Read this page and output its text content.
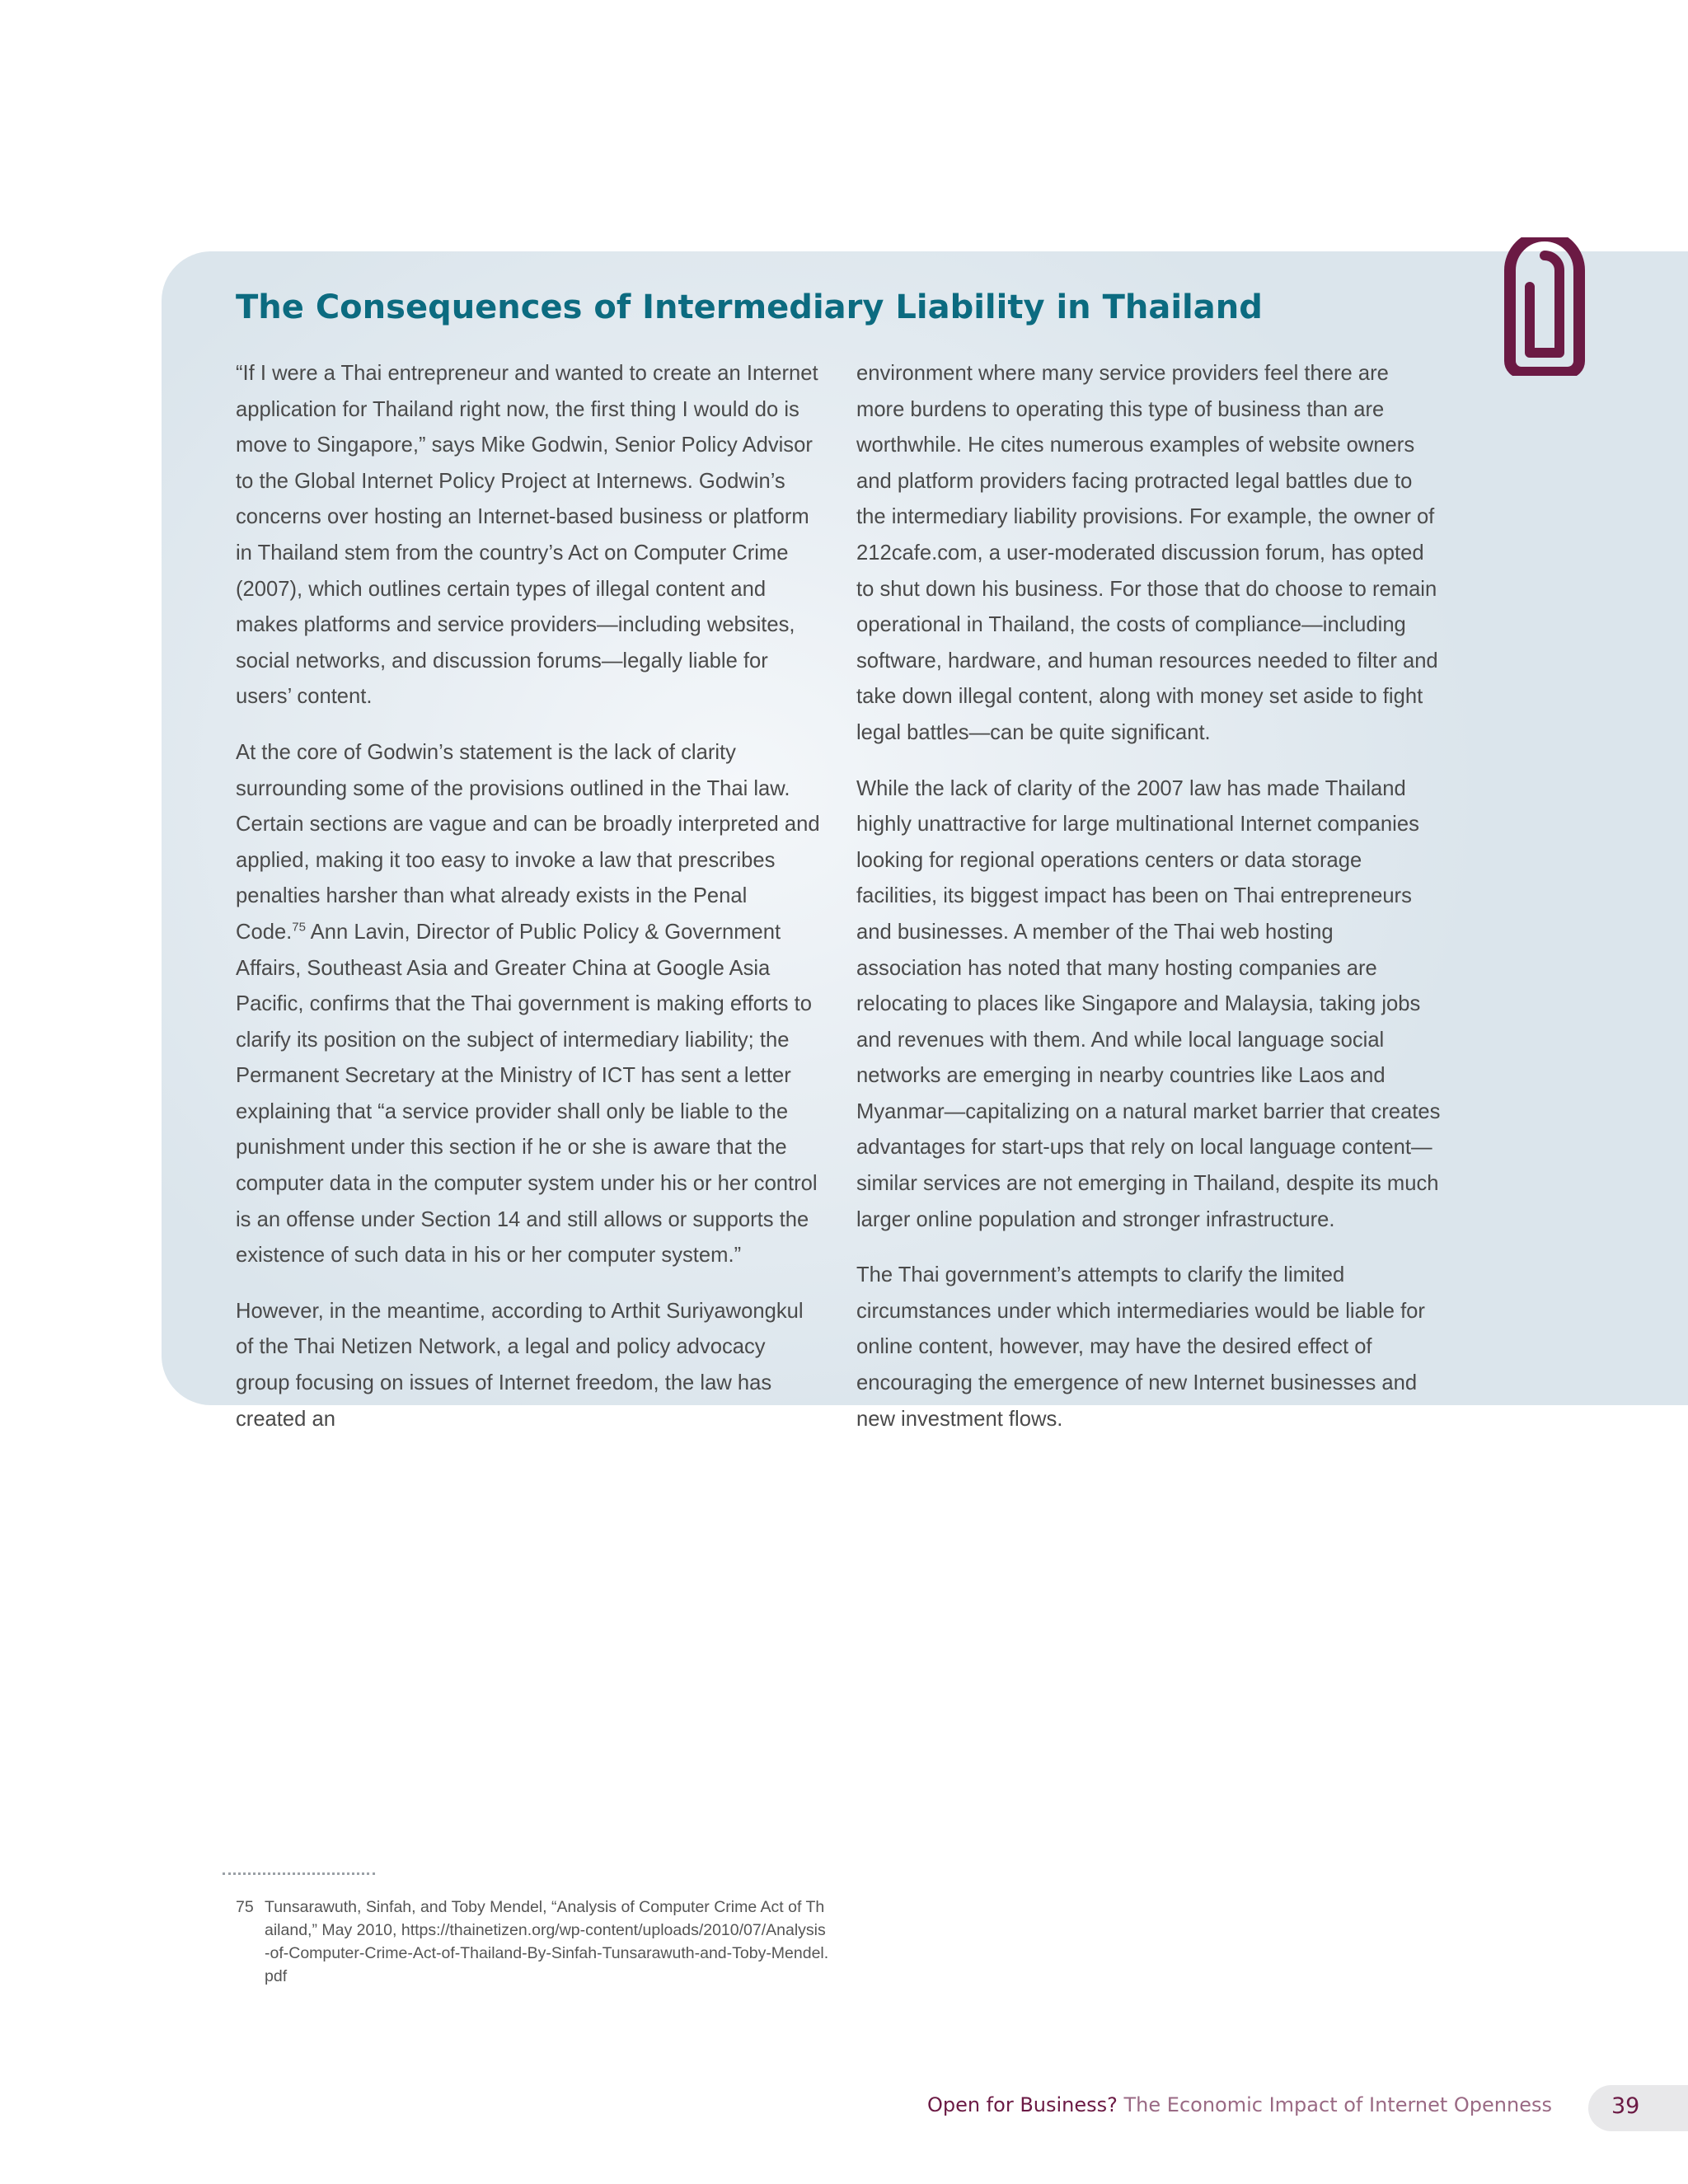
The Consequences of Intermediary Liability in Thailand

“If I were a Thai entrepreneur and wanted to create an Internet application for Thailand right now, the first thing I would do is move to Singapore,” says Mike Godwin, Senior Policy Advisor to the Global Internet Policy Project at Internews. Godwin’s concerns over hosting an Internet-based business or platform in Thailand stem from the country’s Act on Computer Crime (2007), which outlines certain types of illegal content and makes platforms and service providers—including websites, social networks, and discussion forums—legally liable for users’ content.

At the core of Godwin’s statement is the lack of clarity surrounding some of the provisions outlined in the Thai law. Certain sections are vague and can be broadly interpreted and applied, making it too easy to invoke a law that prescribes penalties harsher than what already exists in the Penal Code.$^{75}$ Ann Lavin, Director of Public Policy & Government Affairs, Southeast Asia and Greater China at Google Asia Pacific, confirms that the Thai government is making efforts to clarify its position on the subject of intermediary liability; the Permanent Secretary at the Ministry of ICT has sent a letter explaining that “a service provider shall only be liable to the punishment under this section if he or she is aware that the computer data in the computer system under his or her control is an offense under Section 14 and still allows or supports the existence of such data in his or her computer system.”

However, in the meantime, according to Arthit Suriyawongkul of the Thai Netizen Network, a legal and policy advocacy group focusing on issues of Internet freedom, the law has created an

environment where many service providers feel there are more burdens to operating this type of business than are worthwhile. He cites numerous examples of website owners and platform providers facing protracted legal battles due to the intermediary liability provisions. For example, the owner of 212cafe.com, a user-moderated discussion forum, has opted to shut down his business. For those that do choose to remain operational in Thailand, the costs of compliance—including software, hardware, and human resources needed to filter and take down illegal content, along with money set aside to fight legal battles—can be quite significant.

While the lack of clarity of the 2007 law has made Thailand highly unattractive for large multinational Internet companies looking for regional operations centers or data storage facilities, its biggest impact has been on Thai entrepreneurs and businesses. A member of the Thai web hosting association has noted that many hosting companies are relocating to places like Singapore and Malaysia, taking jobs and revenues with them. And while local language social networks are emerging in nearby countries like Laos and Myanmar—capitalizing on a natural market barrier that creates advantages for start-ups that rely on local language content—similar services are not emerging in Thailand, despite its much larger online population and stronger infrastructure.

The Thai government’s attempts to clarify the limited circumstances under which intermediaries would be liable for online content, however, may have the desired effect of encouraging the emergence of new Internet businesses and new investment flows.

75 Tunsarawuth, Sinfah, and Toby Mendel, “Analysis of Computer Crime Act of Thailand,” May 2010, https://thainetizen.org/wp-content/uploads/2010/07/Analysis-of-Computer-Crime-Act-of-Thailand-By-Sinfah-Tunsarawuth-and-Toby-Mendel.pdf
Open for Business? The Economic Impact of Internet Openness	39
